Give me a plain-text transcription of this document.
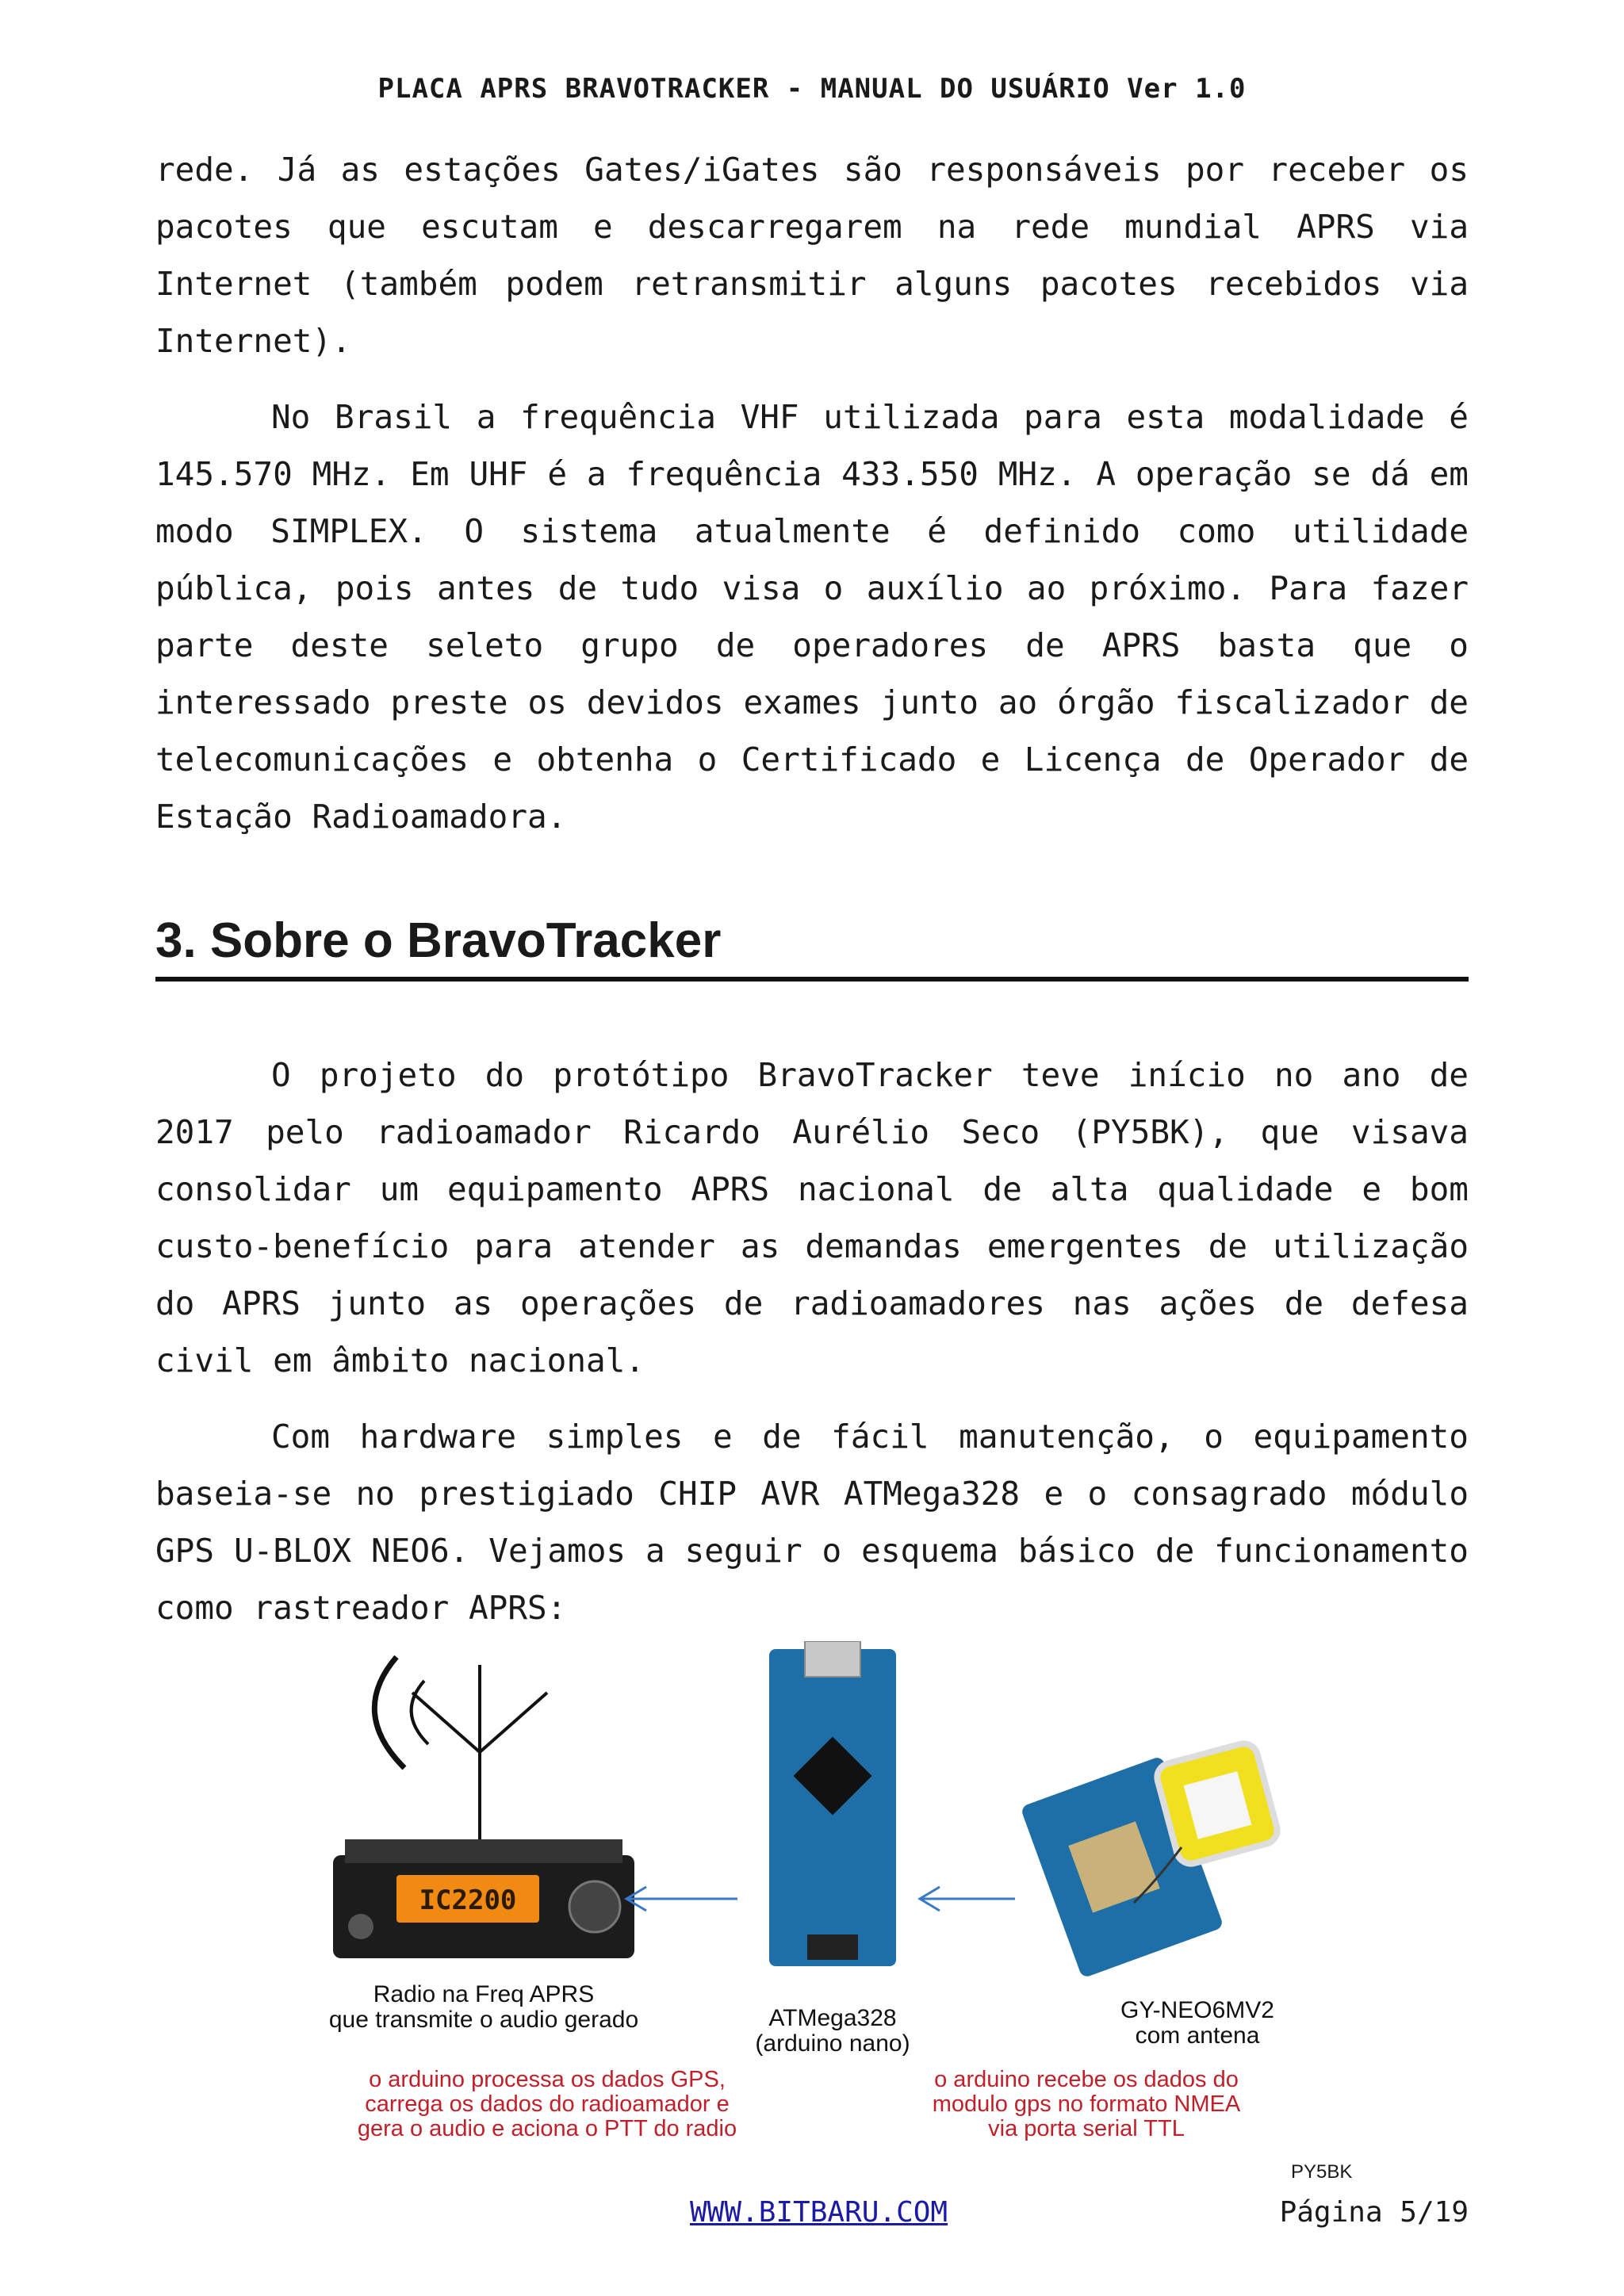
PLACA APRS BRAVOTRACKER - MANUAL DO USUÁRIO Ver 1.0

rede. Já as estações Gates/iGates são responsáveis por receber os pacotes que escutam e descarregarem na rede mundial APRS via Internet (também podem retransmitir alguns pacotes recebidos via Internet).

No Brasil a frequência VHF utilizada para esta modalidade é 145.570 MHz. Em UHF é a frequência 433.550 MHz. A operação se dá em modo SIMPLEX. O sistema atualmente é definido como utilidade pública, pois antes de tudo visa o auxílio ao próximo. Para fazer parte deste seleto grupo de operadores de APRS basta que o interessado preste os devidos exames junto ao órgão fiscalizador de telecomunicações e obtenha o Certificado e Licença de Operador de Estação Radioamadora.

3. Sobre o BravoTracker

O projeto do protótipo BravoTracker teve início no ano de 2017 pelo radioamador Ricardo Aurélio Seco (PY5BK), que visava consolidar um equipamento APRS nacional de alta qualidade e bom custo-benefício para atender as demandas emergentes de utilização do APRS junto as operações de radioamadores nas ações de defesa civil em âmbito nacional.

Com hardware simples e de fácil manutenção, o equipamento baseia-se no prestigiado CHIP AVR ATMega328 e o consagrado módulo GPS U-BLOX NEO6. Vejamos a seguir o esquema básico de funcionamento como rastreador APRS:

IC2200
Radio na Freq APRS
que transmite o audio gerado	ATMega328
(arduino nano)
GY-NEO6MV2
com antena
o arduino processa os dados GPS,
carrega os dados do radioamador e
gera o audio e aciona o PTT do radio
o arduino recebe os dados do
modulo gps no formato NMEA
via porta serial TTL
PY5BK
WWW.BITBARU.COM	Página 5/19
